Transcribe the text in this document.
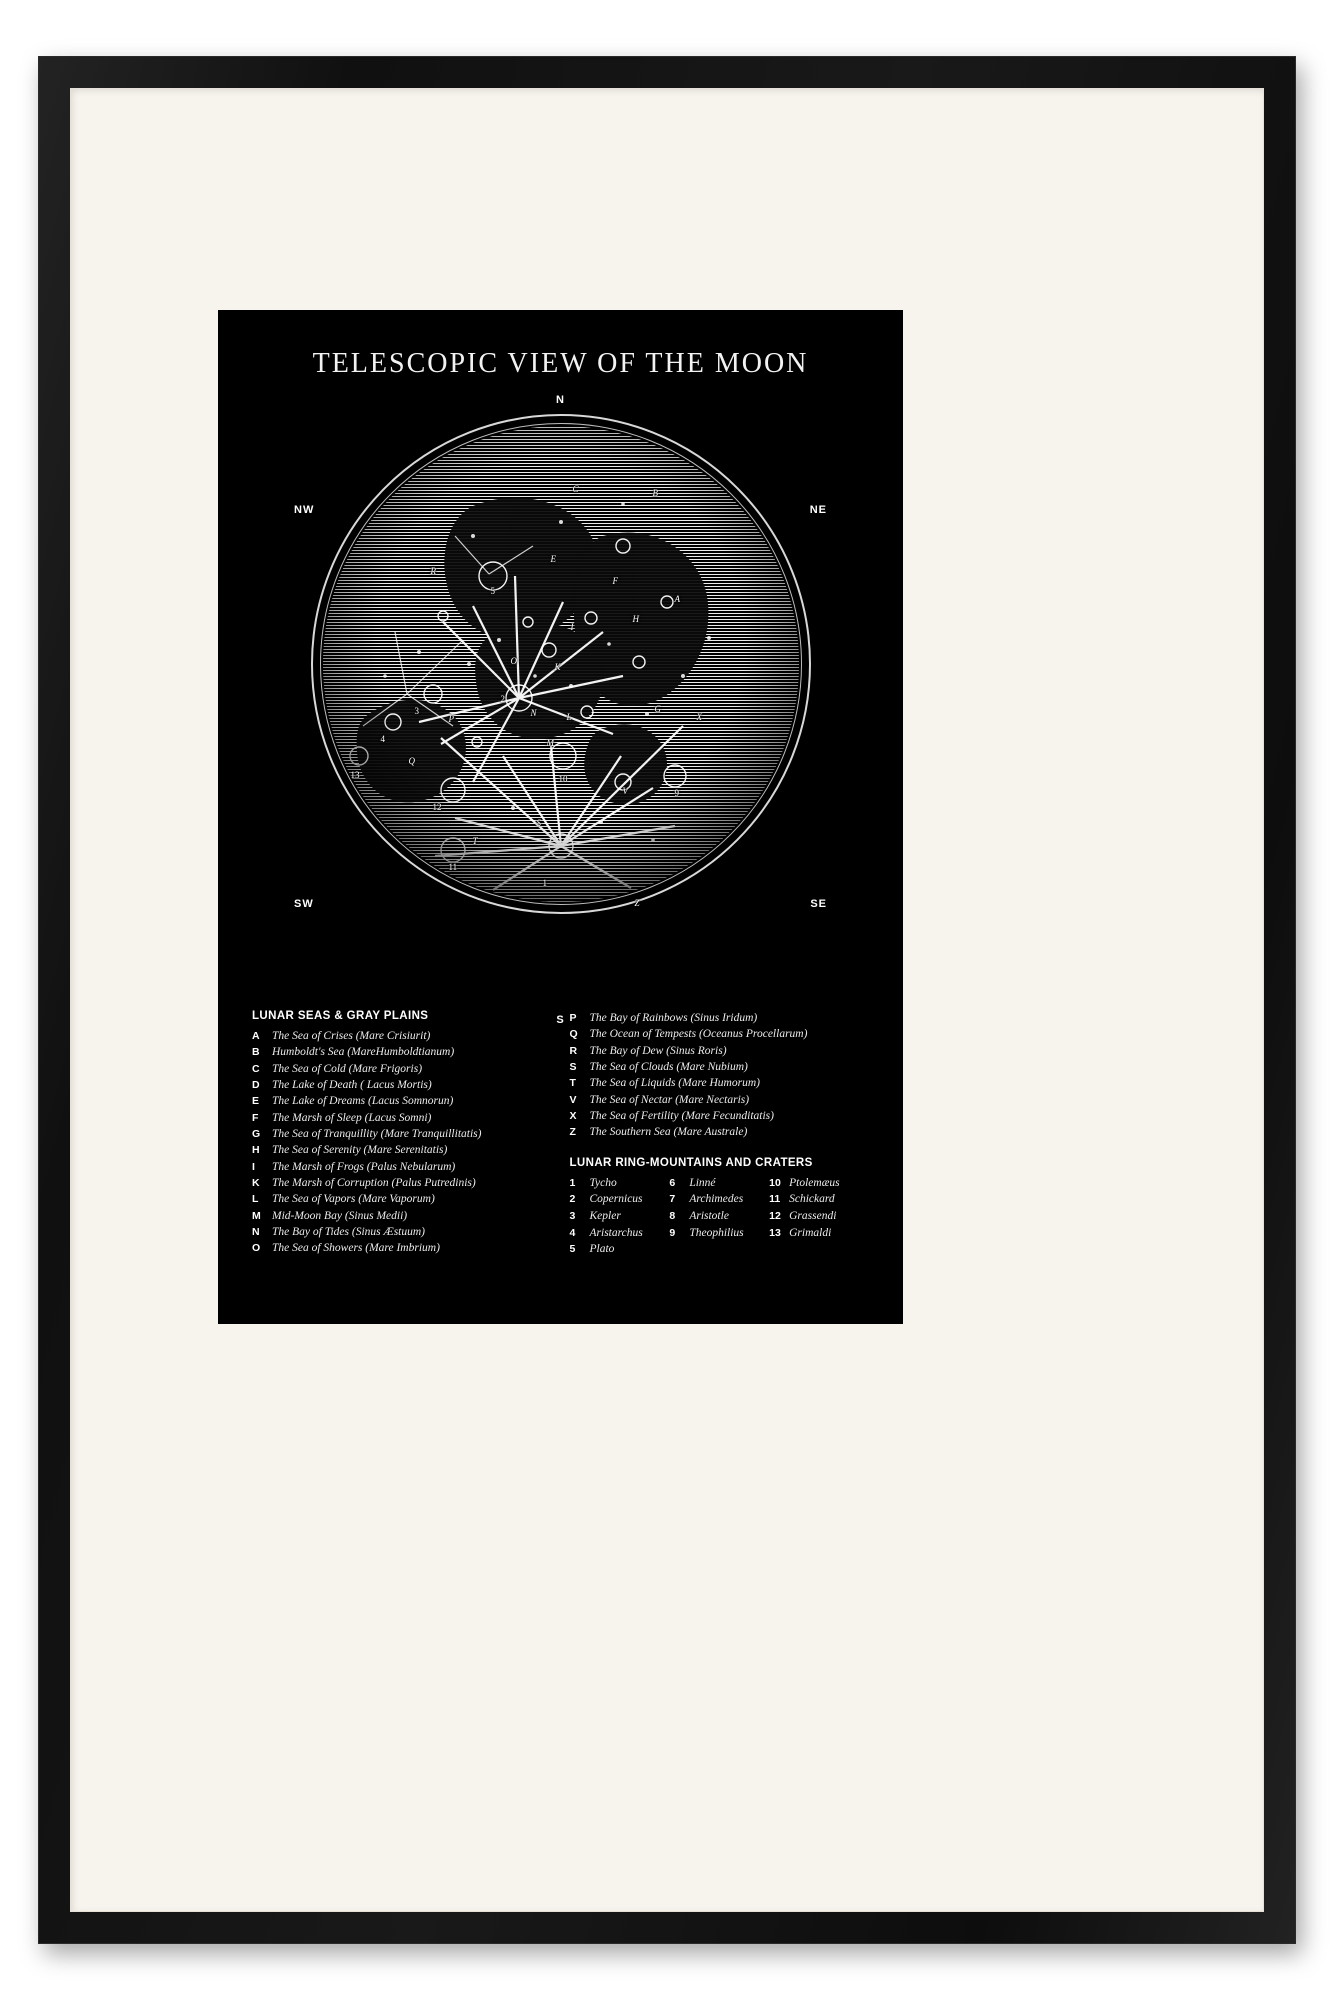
TELESCOPIC VIEW OF THE MOON
N
S
NW	NE
SW	SE
C	B
R
E
5
A
F
H
I
O
K
2
3
4
13
P
N
M
L
G
X
10
12
Q
V	9
S
T
11
1
Z
LUNAR SEAS & GRAY PLAINS
A	The Sea of Crises (Mare Crisiurit)
B	Humboldt's Sea (MareHumboldtianum)
C	The Sea of Cold (Mare Frigoris)
D	The Lake of Death ( Lacus Mortis)
E	The Lake of Dreams (Lacus Somnorun)
F	The Marsh of Sleep (Lacus Somni)
G	The Sea of Tranquillity (Mare Tranquillitatis)
H	The Sea of Serenity (Mare Serenitatis)
I	The Marsh of Frogs (Palus Nebularum)
K	The Marsh of Corruption (Palus Putredinis)
L	The Sea of Vapors (Mare Vaporum)
M Mid-Moon Bay (Sinus Medii)
N	The Bay of Tides (Sinus Æstuum)
O	The Sea of Showers (Mare Imbrium)
P	The Bay of Rainbows (Sinus Iridum)
Q	The Ocean of Tempests (Oceanus Procellarum)
R	The Bay of Dew (Sinus Roris)
S	The Sea of Clouds (Mare Nubium)
T	The Sea of Liquids (Mare Humorum)
V	The Sea of Nectar (Mare Nectaris)
X	The Sea of Fertility (Mare Fecunditatis)
Z	The Southern Sea (Mare Australe)
LUNAR RING-MOUNTAINS AND CRATERS
1	Tycho
2	Copernicus
3	Kepler
4	Aristarchus
5	Plato
6	Linné
7	Archimedes
8	Aristotle
9	Theophilius
10 Ptolemæus
11 Schickard
12 Grassendi
13 Grimaldi
